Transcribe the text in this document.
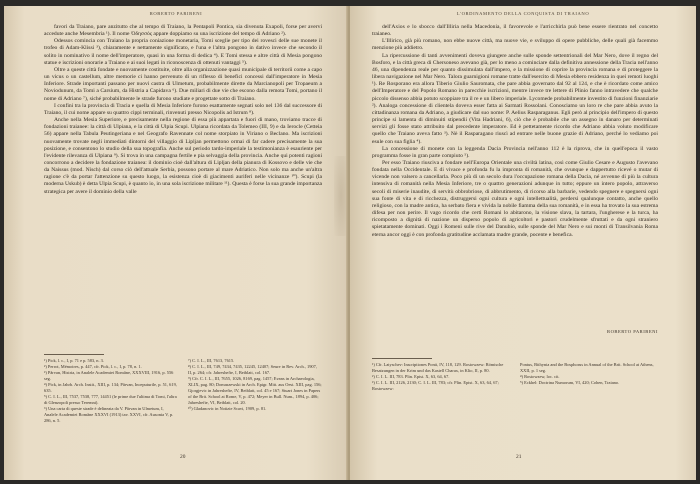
ROBERTO PARIBENI

favori da Traiano, pare anzitutto che al tempo di Traiano, la Pentapoli Pontica, sia divenuta Exapoli, forse per avervi accedute anche Mesembria ¹). Il nome Ὀδησσός appare doppiamo su una iscrizione del tempo di Adriano ²).

Odessos comincia con Traiano la propria coniazione monetaria, Tomi sceglie per tipo dei rovesci delle sue monete il trofeo di Adam-Klissi ³), chiaramente e nettamente significato, e l'una e l'altra pongono in dativo invece che secondo il solito in nominativo il nome dell'imperatore, quasi in una forma di dedica ⁴). E Tomi stessa e altre città di Mesia pongono statue e iscrizioni onorarie a Traiano e ai suoi legati in riconoscenza di ottenuti vantaggi ⁵).

Oltre a queste città fondate e nuovamente costituite, oltre alla organizzazione quasi municipale di territorii come a capo un vicus o un castellum, altre memorie ci hanno pervenuto di un riflesso di benefici concessi dall'imperatore in Mesia Inferiore. Strade importanti passano per nuovi castra di Ulmetum, probabilmente dirette da Marcianopoli per Tropaeum a Noviodunum, da Tomi a Carsium, da Histria a Capidava ⁶). Due miliari di due vie che escono dalla remota Tomi, portano il nome di Adriano ⁷), siché probabilmente le strade furono studiate e progettate sotto di Traiano.

I confini tra la provincia di Tracia e quella di Mesia Inferiore furono esattamente segnati solo nel 136 dal successore di Traiano, il cui nome appare su quattro cippi terminali, rinvenuti presso Nicopolis ad Istrum ⁸).

Anche nella Mesia Superiore, e precisamente nella regione di essa più appartata e fuori di mano, troviamo tracce di fondazioni traianee: la città di Ulpiana, e la città di Ulpia Scupi. Ulpiana ricordata da Tolemeo (III, 9) e da Ierocle (Cetteia 56) appare nella Tabula Peutingeriana e nel Geografo Ravennate col nome storpiato in Viriano o Beclano. Ma iscrizioni nuovamente trovate negli immediati dintorni del villaggio di Lipljan permettono ormai di far cadere precisamente la sua posizione, e consentono lo studio della sua topografia. Anche sul periodo tardo-imperiale la testimonianza è esauriente per l'evidente rilevanza di Ulpiana ⁹). Si trova in una campagna fertile e pia selvaggia della provincia. Anche qui potenti ragioni concorrono a decidere la fondazione traianea: il dominio cioè dall'altura di Lipljan della pianura di Kossovo e delle vie che da Naissus (mod. Nisch) dal corso ciò dell'attuale Serbia, possono portare al mare Adriatico. Non solo ma anche un'altra ragione c'è da portar l'attenzione su questo luogo, la esistenza cioè di giacimenti auriferi nelle vicinanze ¹⁰). Scupi (la moderna Uskub) è detta Ulpia Scupi, è quanto io, in una sola iscrizione militare ¹¹). Questa è forse la sua grande importanza strategica per avere il dominio della valle

¹) Pick, l. c., I, p. 71 e p. 583, n. 3.
²) Perrot, Mémoires, p. 447, cfr. Pick, l. c., I, p. 78, n. 1.
³) Pârvan, Histria, in Analele Academiei Române, XXXVIII, 1916, p. 556 seg.
⁴) Pick, in Jahrb. Arch. Instit., XIII, p. 134; Pârvan, Inceputurile, p. 51, 619, 635.
⁵) C. I. L., III, 7537, 7538, 777, 14451 (le prime due l'ultima di Tomi, l'altra di Glenzopoli presso Teremni).
⁶) Una carta di queste strade è delineata da V. Pârvan in Ulmetum, I, Analele Academiei Române XXXVI (1913) tav. XXVI, cfr. Ausonia V, p. 286, n. 5.
⁷) C. I. L., III, 7613, 7615.
⁸) C. I. L., III, 749, 7434, 7435, 12245, 12407; Seure in Rev. Arch., 1907, II, p. 264; cfr. Jahreshefte, I, Beiblatt, col. 167.
⁹) Cfr. C. I. L., III, 7655, 1026, 8169, pag. 1457; Evans in Archaeologia, XLIX, pag. 80; Domaszewski in Arch. Epigr. Mitt. aus Oest. XIII, pag. 156; Gjorgjevic in Jahreshefte, IV, Beiblatt, col. 45 e 167; Stuart Jones in Papers of the Brit. School at Rome, V, p. 472; Meyer in Bull. Num., 1894, p. 406; Jahreshefte, VI, Beiblatt, col. 20.
¹⁰) Gladanovic in Notizie Scavi, 1909, p. 81.
20
L'ORDINAMENTO DELLA CONQUISTA DI TRAIANO

dell'Axios e lo sbocco dall'Illiria nella Macedonia, il favorevole e l'arricchirla può bene essere rientrato nel concetto traianeo.

L'Illirico, già più romano, non ebbe nuove città, ma nuove vie, e sviluppo di opere pubbliche, delle quali già facemmo menzione più addietro.

La ripercussione di tanti avvenimenti doveva giungere anche sulle sponde settentrionali del Mar Nero, dove il regno del Bosforo, e la città greca di Chersoneso avevano già, per lo meno a cominciare dalla definitiva annessione della Tracia nell'anno 46, una dipendenza reale per quanto dissimulata dall'impero, e la missione di coprire la provincia romana e di proteggere la libera navigazione nel Mar Nero. Talora guarnigioni romane tratte dall'esercito di Mesia ebbero residenza in quei remoti luoghi ¹). Re Rosporano era allora Tiberio Giulio Sauromata, che pare abbia governato dal 92 al 124, e che è ricordato come amico dell'Imperatore e del Popolo Romano in parecchie iscrizioni, mentre invece tre lettere di Plinio fanno intravedere che qualche piccolo dissenso abbia potuto scoppiare tra il re e un libero imperiale. Lycomede probabilmente investito di funzioni finanziarie ²). Analoga concessione di clientela doveva esser fatta ai Sarmati Rossolani. Conosciamo un loro re che pare abbia avuto la cittadinanza romana da Adriano, a giudicare dal suo nome: P. Aelius Rasparaganus. Egli però al principio dell'impero di questo principe si lamenta di diminuiti stipendii (Vita Hadriani, 6), ciò che è probabile che un assegno in danaro per determinati servizi gli fosse stato attribuito dal precedente imperatore. Ed è pettetamente ricordo che Adriano abbia voluto modificare quello che Traiano aveva fatto ³). Nè il Rasparagano riuscì ad entrare nelle buone grazie di Adriano, perché lo vediamo poi esule con sua figlia ⁴).

La concessione di monete con la leggenda Dacia Provincia nell'anno 112 è la riprova, che in quell'epoca il vasto programma fosse in gran parte compiuto ⁵).

Per esso Traiano riusciva a fondare nell'Europa Orientale una civiltà latina, così come Giulio Cesare e Augusto l'avevano fondata nella Occidentale. E di vivace e profonda fu la impronta di romanità, che ovunque e dappertutto ricevé o mutar di vicende non valsero a cancellarla. Poco più di un secolo dura l'occupazione romana della Dacia, né avvenne di più la cultura intensiva di romanità nella Mesia Inferiore, tre o quattro generazioni adunque in tutto; eppure un intero popolo, attraverso secoli di miserie inaudite, di servitù obbrobriose, di abbrutimento, di ricorso alla barbarie, vedendo spegnere e spegnersi ogni sua fonte di vita e di ricchezza, distruggersi ogni cultura e ogni intellettualità, perdersi qualunque contatto, anche quello religioso, con la madre antica, ha serbato fiera e vivida la nobile fiamma della sua romanità, e in essa ha trovato la sua estrema difesa per non perire. Il vago ricordo che certi Romani lo abitarono, la visione slava, la tartara, l'ungherese e la turca, ha ricomposto a dignità di nazione un disperso popolo di agricoltori e pastori crudelmente sfruttati e da ogni straniero spietatamente dominati. Oggi i Romeni sulle rive del Danubio, sulle sponde del Mar Nero e sui monti di Transilvania Roma eterna ancor oggi è con profonda gratitudine acclamata madre grande, pocente e benefica.

ROBERTO PARIBENI
¹) Cfr. Latyschev: Inscriptiones Ponti, IV, 118, 129. Rostowzew: Römische Besatzungen in der Krim und das Kastell Charax, in Klio, II, p. 80.
²) C. I. L. III, 783. Plin. Epist. X, 63, 64, 67.
³) C. I. L. III, 2126, 2130; C. I. L. III, 783; cfr. Plin. Epist. X, 63, 64, 67; Rostowzew:
Pontus, Bithynia and the Bosphorus in Annual of the Brit. School at Athens, XXII, p. 1 seg.
⁴) Rostowzew, loc. cit.
⁵) Eckhel: Doctrina Numorum, VI, 420; Cohen, Traiano.
21
